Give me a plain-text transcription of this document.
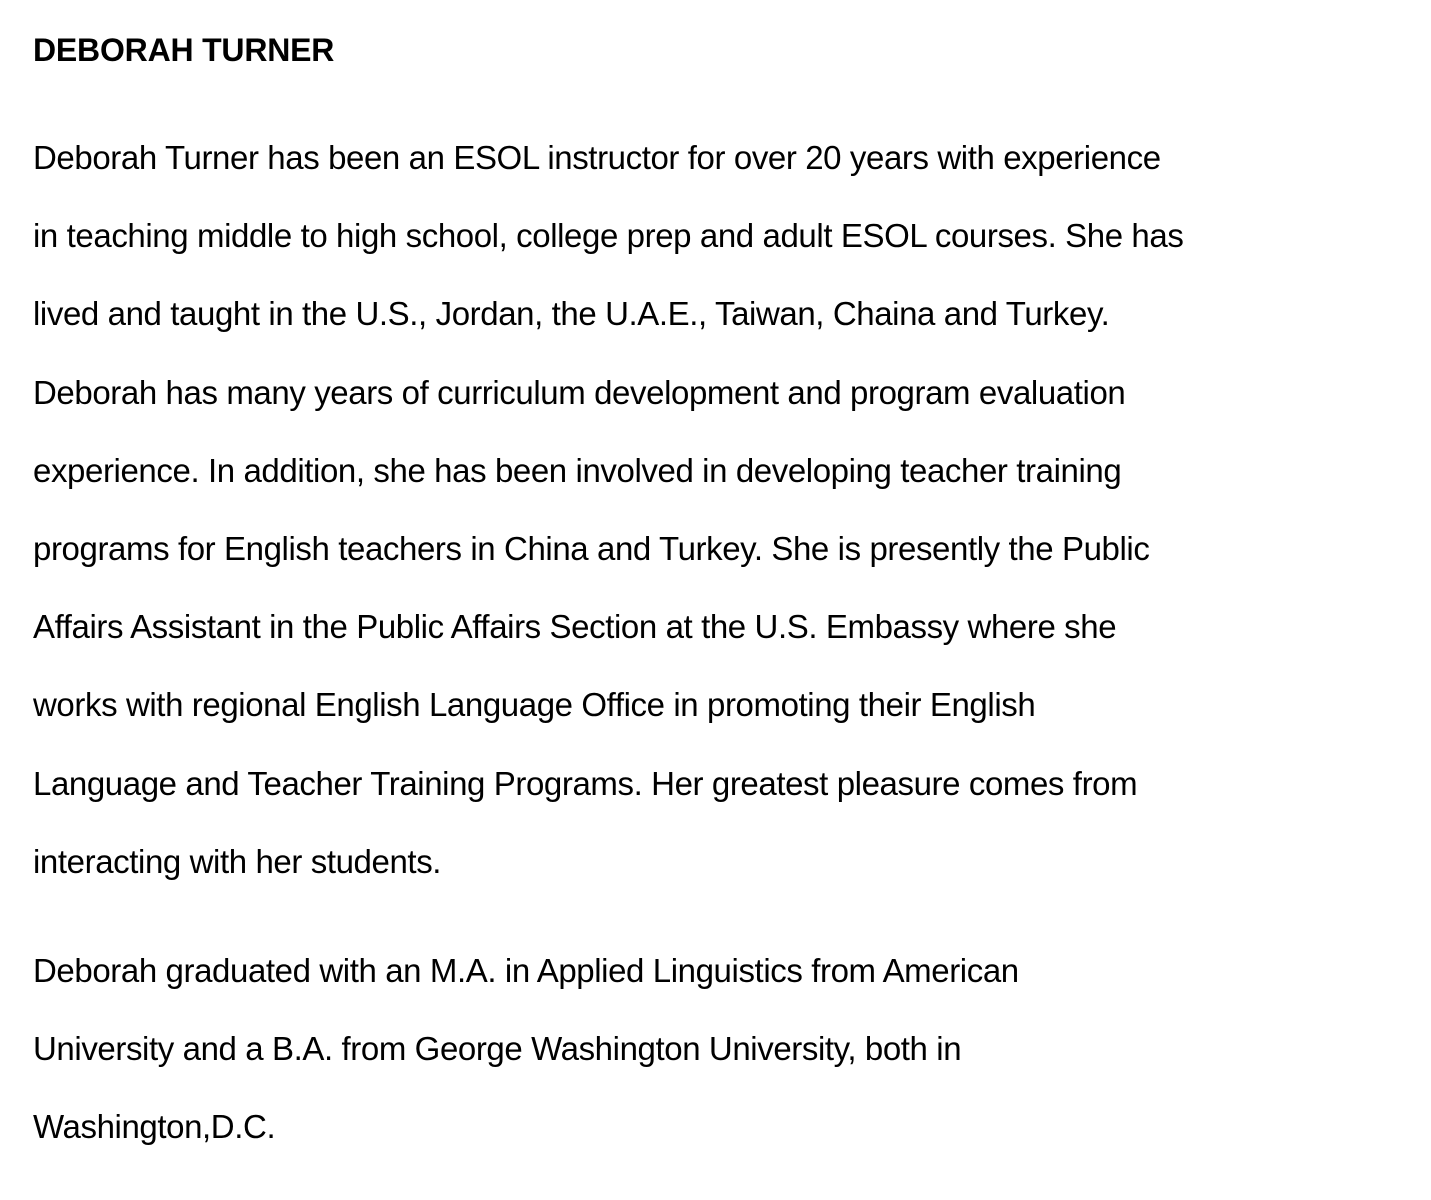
DEBORAH TURNER

Deborah Turner has been an ESOL instructor for over 20 years with experience
in teaching middle to high school, college prep and adult ESOL courses. She has
lived and taught in the U.S., Jordan, the U.A.E., Taiwan, Chaina and Turkey.
Deborah has many years of curriculum development and program evaluation
experience. In addition, she has been involved in developing teacher training
programs for English teachers in China and Turkey. She is presently the Public
Affairs Assistant in the Public Affairs Section at the U.S. Embassy where she
works with regional English Language Office in promoting their English
Language and Teacher Training Programs. Her greatest pleasure comes from
interacting with her students.

Deborah graduated with an M.A. in Applied Linguistics from American
University and a B.A. from George Washington University, both in
Washington,D.C.
